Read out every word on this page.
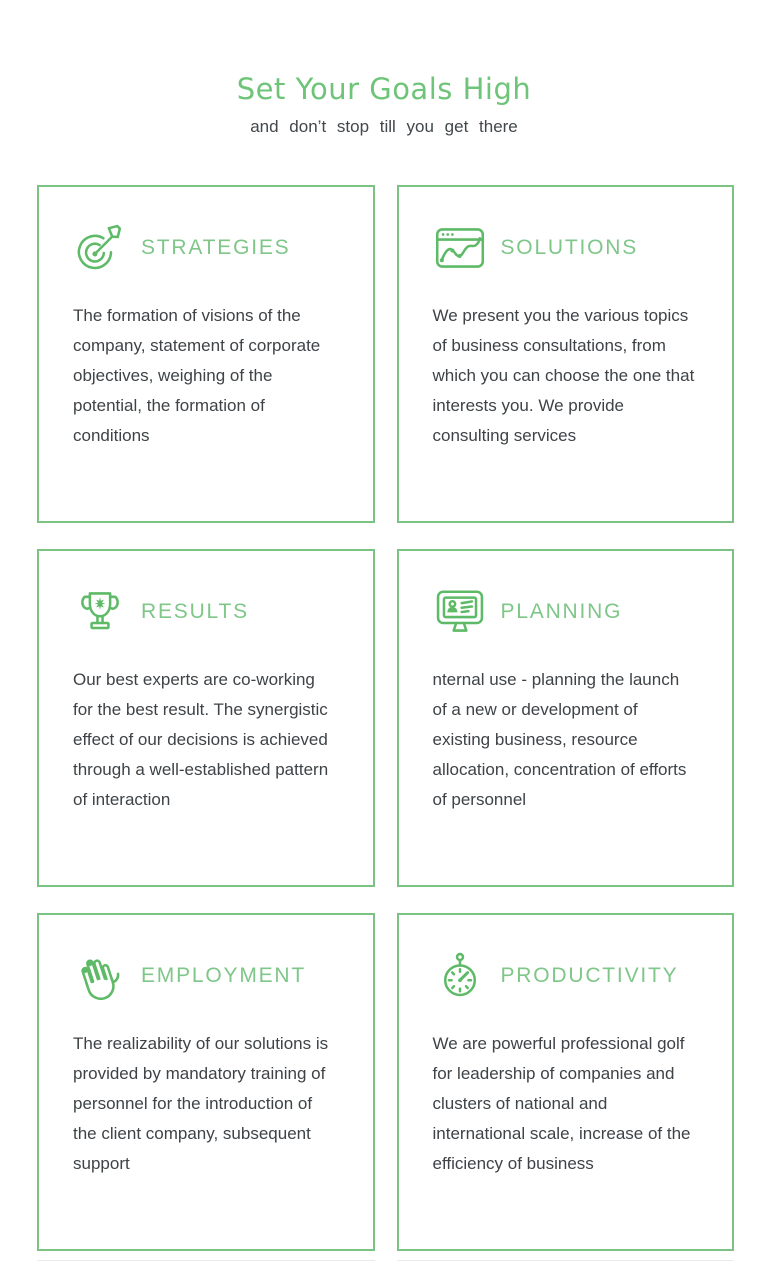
Set Your Goals High

and don’t stop till you get there

STRATEGIES

The formation of visions of the company, statement of corporate objectives, weighing of the potential, the formation of conditions

SOLUTIONS

We present you the various topics of business consultations, from which you can choose the one that interests you. We provide consulting services

RESULTS

Our best experts are co-working for the best result. The synergistic effect of our decisions is achieved through a well-established pattern of interaction

PLANNING

nternal use - planning the launch of a new or development of existing business, resource allocation, concentration of efforts of personnel

EMPLOYMENT

The realizability of our solutions is provided by mandatory training of personnel for the introduction of the client company, subsequent support

PRODUCTIVITY

We are powerful professional golf for leadership of companies and clusters of national and international scale, increase of the efficiency of business
